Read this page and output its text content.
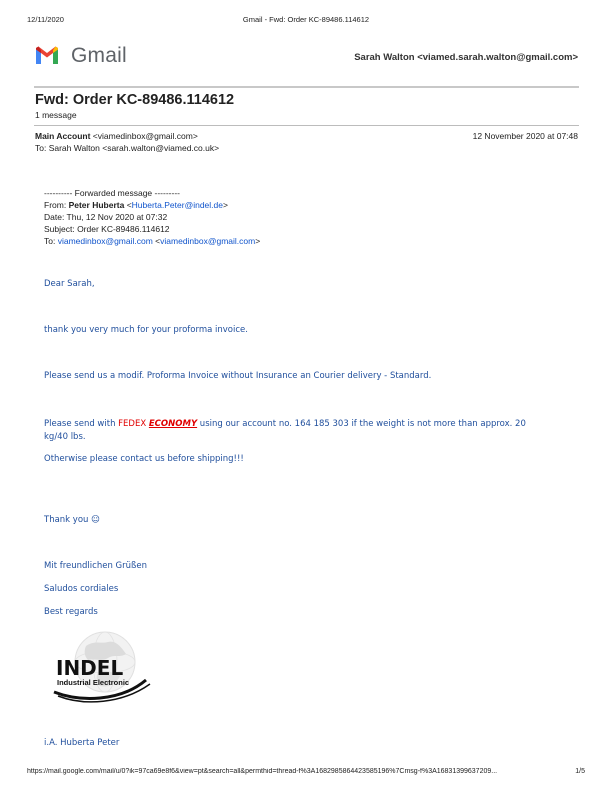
12/11/2020	Gmail - Fwd: Order KC-89486.114612
Gmail	Sarah Walton <viamed.sarah.walton@gmail.com>
Fwd: Order KC-89486.114612
1 message
Main Account <viamedinbox@gmail.com>	12 November 2020 at 07:48
To: Sarah Walton <sarah.walton@viamed.co.uk>
---------- Forwarded message ---------
From: Peter Huberta <Huberta.Peter@indel.de>
Date: Thu, 12 Nov 2020 at 07:32
Subject: Order KC-89486.114612
To: viamedinbox@gmail.com <viamedinbox@gmail.com>
Dear Sarah,
thank you very much for your proforma invoice.
Please send us a modif. Proforma Invoice without Insurance an Courier delivery - Standard.
Please send with FEDEX ECONOMY using our account no. 164 185 303 if the weight is not more than approx. 20
kg/40 lbs.
Otherwise please contact us before shipping!!!
Thank you ☺
Mit freundlichen Grüßen
Saludos cordiales
Best regards
INDEL
Industrial Electronic
i.A. Huberta Peter
https://mail.google.com/mail/u/0?ik=97ca69e8f6&view=pt&search=all&permthid=thread-f%3A1682985864423585196%7Cmsg-f%3A16831399637209...	1/5
